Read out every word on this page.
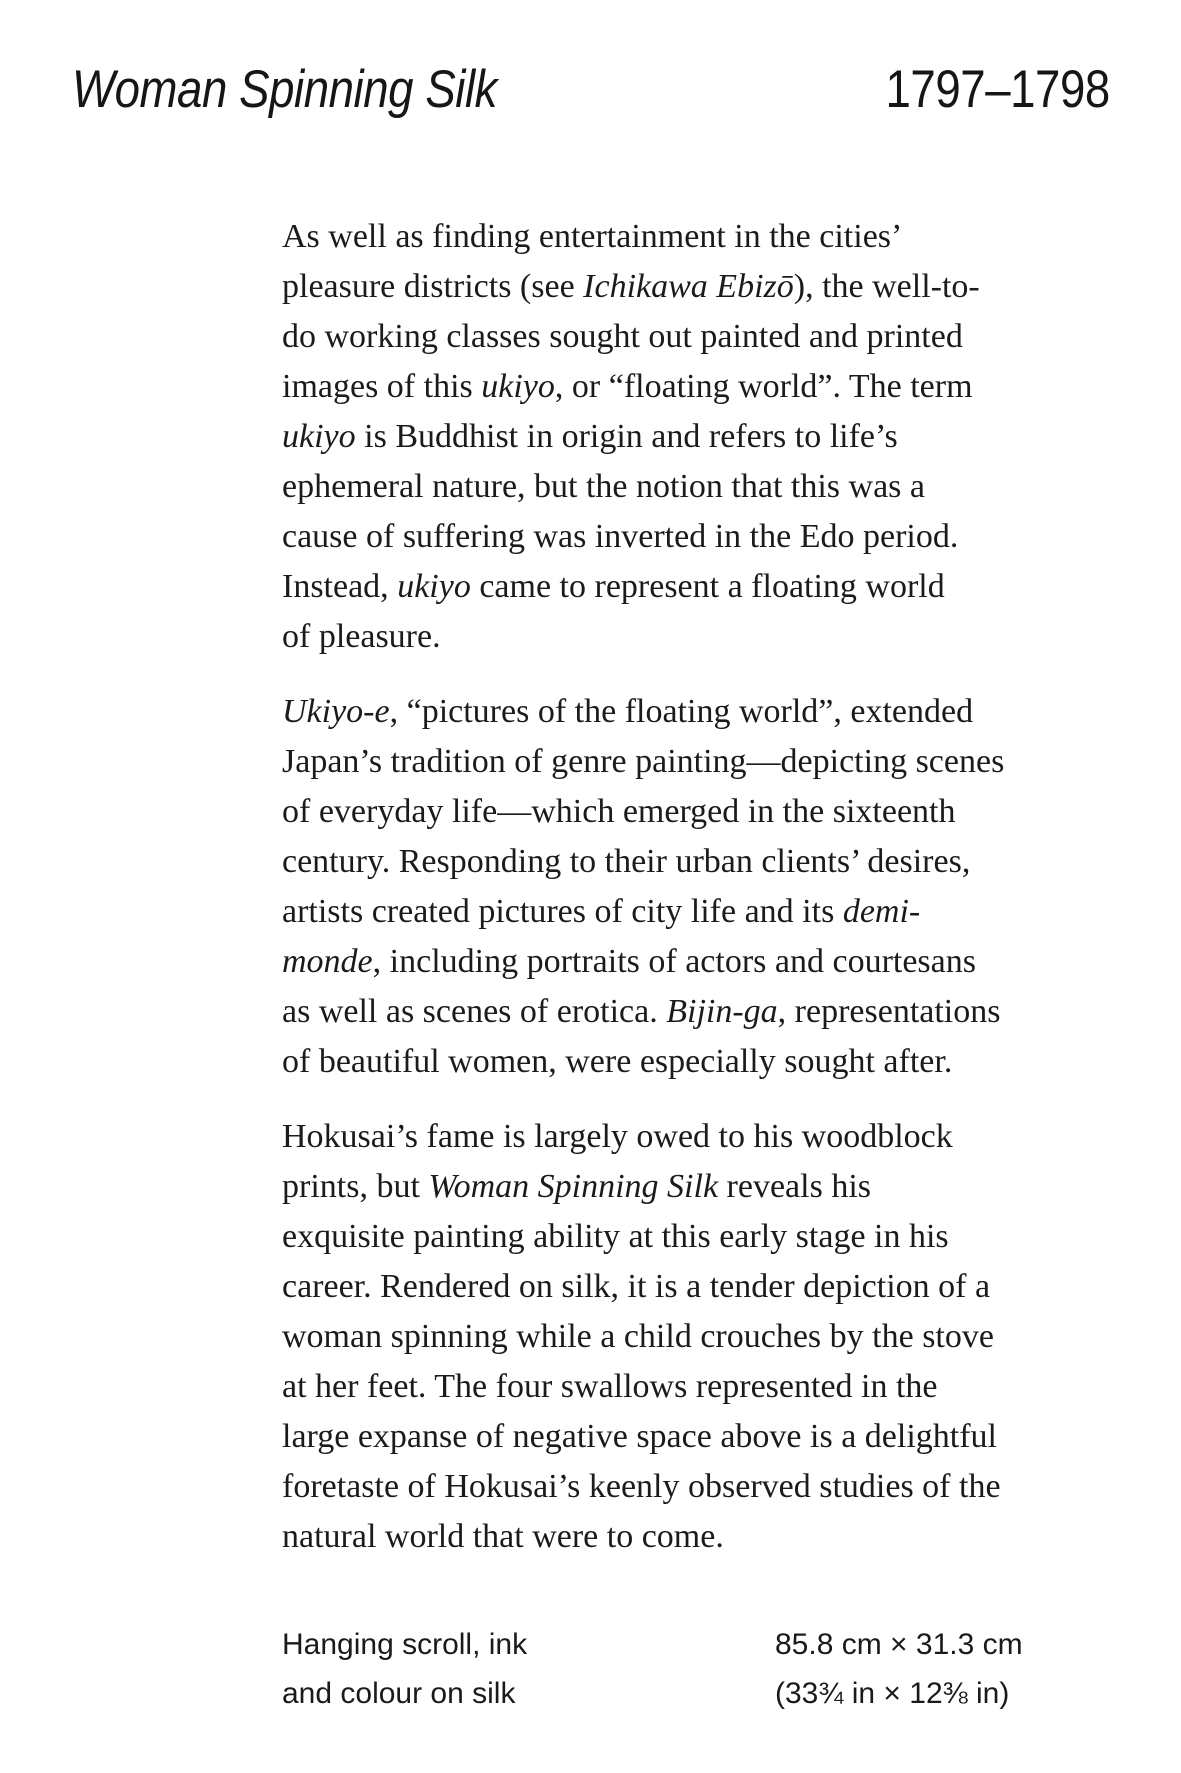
Woman Spinning Silk	1797–1798
As well as finding entertainment in the cities’
pleasure districts (see Ichikawa Ebizō), the well-to-
do working classes sought out painted and printed
images of this ukiyo, or “floating world”. The term
ukiyo is Buddhist in origin and refers to life’s
ephemeral nature, but the notion that this was a
cause of suffering was inverted in the Edo period.
Instead, ukiyo came to represent a floating world
of pleasure.
Ukiyo-e, “pictures of the floating world”, extended
Japan’s tradition of genre painting—depicting scenes
of everyday life—which emerged in the sixteenth
century. Responding to their urban clients’ desires,
artists created pictures of city life and its demi-
monde, including portraits of actors and courtesans
as well as scenes of erotica. Bijin-ga, representations
of beautiful women, were especially sought after.
Hokusai’s fame is largely owed to his woodblock
prints, but Woman Spinning Silk reveals his
exquisite painting ability at this early stage in his
career. Rendered on silk, it is a tender depiction of a
woman spinning while a child crouches by the stove
at her feet. The four swallows represented in the
large expanse of negative space above is a delightful
foretaste of Hokusai’s keenly observed studies of the
natural world that were to come.
Hanging scroll, ink
and colour on silk
85.8 cm × 31.3 cm
(33¾ in × 12⅜ in)
